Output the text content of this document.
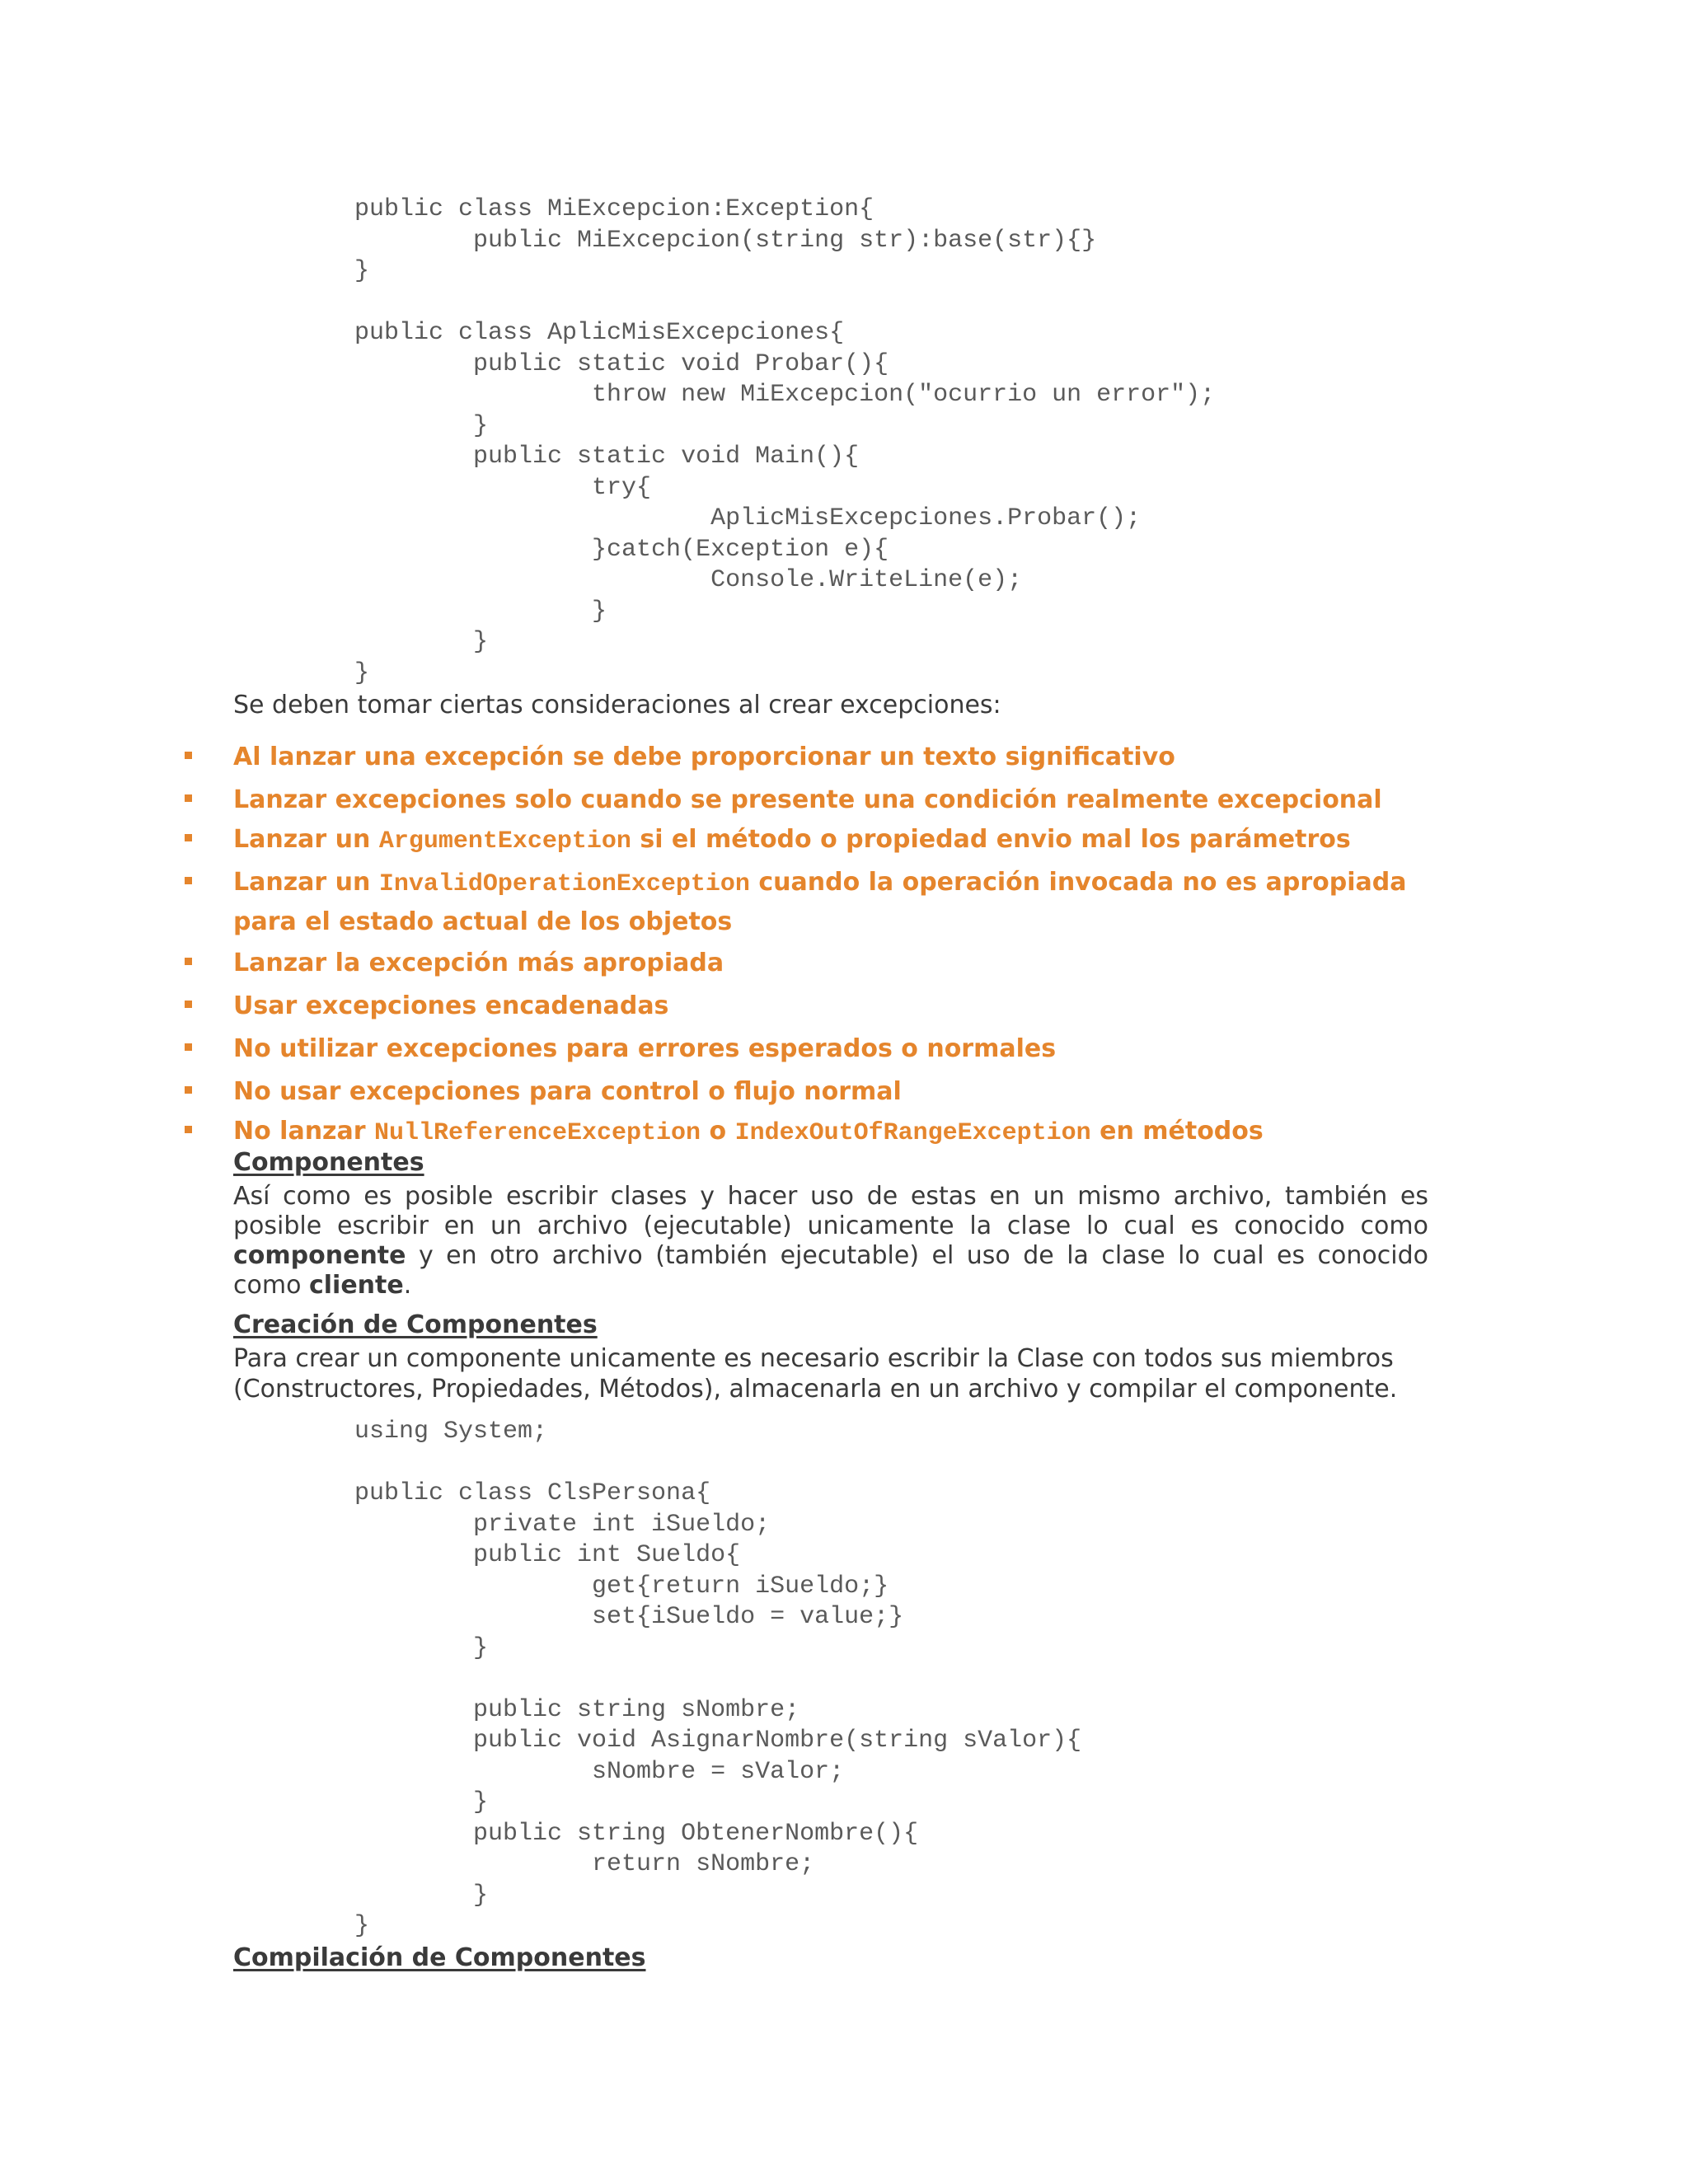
public class MiExcepcion:Exception{
public MiExcepcion(string str):base(str){}
}

public class AplicMisExcepciones{
public static void Probar(){
throw new MiExcepcion("ocurrio un error");
}
public static void Main(){
try{
AplicMisExcepciones.Probar();
}catch(Exception e){
Console.WriteLine(e);
}
}
}

Se deben tomar ciertas consideraciones al crear excepciones:

Al lanzar una excepción se debe proporcionar un texto significativo
Lanzar excepciones solo cuando se presente una condición realmente excepcional
Lanzar un ArgumentException si el método o propiedad envio mal los parámetros
Lanzar un InvalidOperationException cuando la operación invocada no es apropiada para el estado actual de los objetos
Lanzar la excepción más apropiada
Usar excepciones encadenadas
No utilizar excepciones para errores esperados o normales
No usar excepciones para control o flujo normal
No lanzar NullReferenceException o IndexOutOfRangeException en métodos
Componentes

Así como es posible escribir clases y hacer uso de estas en un mismo archivo, también es posible escribir en un archivo (ejecutable) unicamente la clase lo cual es conocido como componente y en otro archivo (también ejecutable) el uso de la clase lo cual es conocido como cliente.

Creación de Componentes

Para crear un componente unicamente es necesario escribir la Clase con todos sus miembros (Constructores, Propiedades, Métodos), almacenarla en un archivo y compilar el componente.

using System;

public class ClsPersona{
private int iSueldo;
public int Sueldo{
get{return iSueldo;}
set{iSueldo = value;}
}

public string sNombre;
public void AsignarNombre(string sValor){
sNombre = sValor;
}
public string ObtenerNombre(){
return sNombre;
}
}
Compilación de Componentes
